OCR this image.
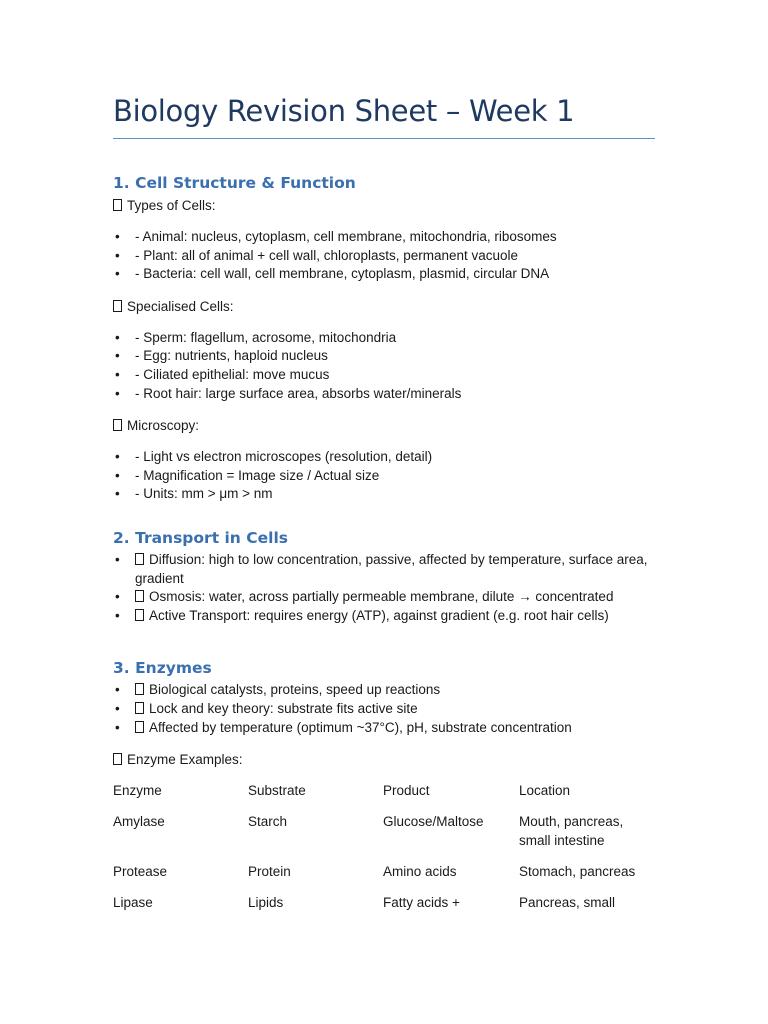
Biology Revision Sheet – Week 1
1. Cell Structure & Function

Types of Cells:

• - Animal: nucleus, cytoplasm, cell membrane, mitochondria, ribosomes
• - Plant: all of animal + cell wall, chloroplasts, permanent vacuole
• - Bacteria: cell wall, cell membrane, cytoplasm, plasmid, circular DNA

Specialised Cells:

• - Sperm: flagellum, acrosome, mitochondria
• - Egg: nutrients, haploid nucleus
• - Ciliated epithelial: move mucus
• - Root hair: large surface area, absorbs water/minerals

Microscopy:

• - Light vs electron microscopes (resolution, detail)
• - Magnification = Image size / Actual size
• - Units: mm > μm > nm
2. Transport in Cells
• Diffusion: high to low concentration, passive, affected by temperature, surface area, gradient
• Osmosis: water, across partially permeable membrane, dilute → concentrated
• Active Transport: requires energy (ATP), against gradient (e.g. root hair cells)
3. Enzymes
• Biological catalysts, proteins, speed up reactions
• Lock and key theory: substrate fits active site
• Affected by temperature (optimum ~37°C), pH, substrate concentration

Enzyme Examples:

Enzyme	Substrate	Product	Location
Amylase	Starch	Glucose/Maltose	Mouth, pancreas, small intestine
Protease	Protein	Amino acids	Stomach, pancreas
Lipase	Lipids	Fatty acids +	Pancreas, small
